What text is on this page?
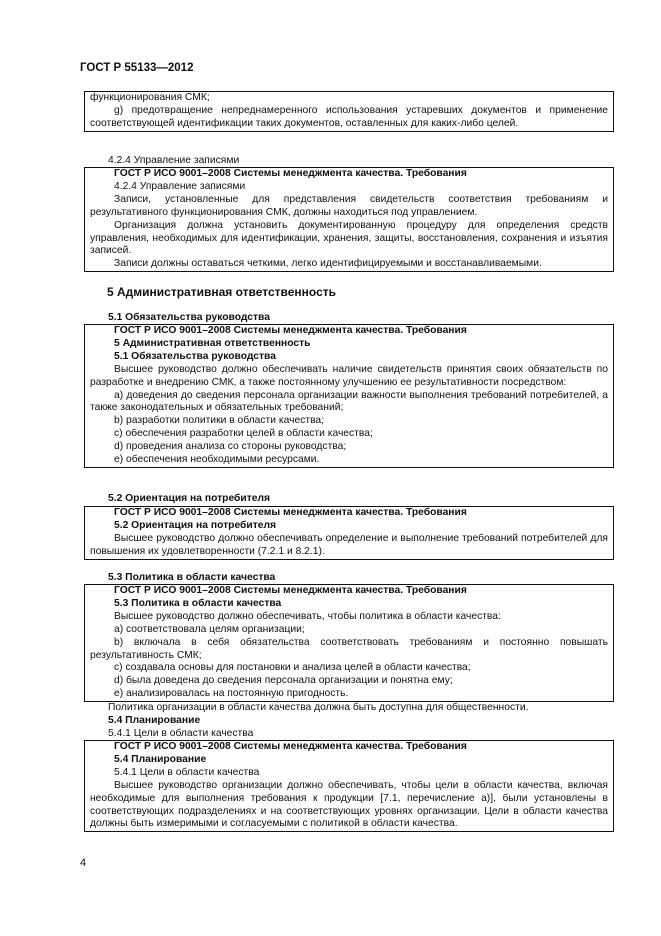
ГОСТ Р 55133—2012

функционирования СМК;

g) предотвращение непреднамеренного использования устаревших документов и применение соответствующей идентификации таких документов, оставленных для каких-либо целей.

4.2.4 Управление записями

ГОСТ Р ИСО 9001–2008 Системы менеджмента качества. Требования

4.2.4 Управление записями

Записи, установленные для представления свидетельств соответствия требованиям и результативного функционирования СМК, должны находиться под управлением.

Организация должна установить документированную процедуру для определения средств управления, необходимых для идентификации, хранения, защиты, восстановления, сохранения и изъятия записей.

Записи должны оставаться четкими, легко идентифицируемыми и восстанавливаемыми.

5 Административная ответственность
5.1 Обязательства руководства

ГОСТ Р ИСО 9001–2008 Системы менеджмента качества. Требования

5 Административная ответственность

5.1 Обязательства руководства

Высшее руководство должно обеспечивать наличие свидетельств принятия своих обязательств по разработке и внедрению СМК, а также постоянному улучшению ее результативности посредством:

a) доведения до сведения персонала организации важности выполнения требований потребителей, а также законодательных и обязательных требований;

b) разработки политики в области качества;

c) обеспечения разработки целей в области качества;

d) проведения анализа со стороны руководства;

e) обеспечения необходимыми ресурсами.

5.2 Ориентация на потребителя

ГОСТ Р ИСО 9001–2008 Системы менеджмента качества. Требования

5.2 Ориентация на потребителя

Высшее руководство должно обеспечивать определение и выполнение требований потребителей для повышения их удовлетворенности (7.2.1 и 8.2.1).

5.3 Политика в области качества

ГОСТ Р ИСО 9001–2008 Системы менеджмента качества. Требования

5.3 Политика в области качества

Высшее руководство должно обеспечивать, чтобы политика в области качества:

a) соответствовала целям организации;

b) включала в себя обязательства соответствовать требованиям и постоянно повышать результативность СМК;

c) создавала основы для постановки и анализа целей в области качества;

d) была доведена до сведения персонала организации и понятна ему;

e) анализировалась на постоянную пригодность.

Политика организации в области качества должна быть доступна для общественности.
5.4 Планирование
5.4.1 Цели в области качества

ГОСТ Р ИСО 9001–2008 Системы менеджмента качества. Требования

5.4 Планирование

5.4.1 Цели в области качества

Высшее руководство организации должно обеспечивать, чтобы цели в области качества, включая необходимые для выполнения требования к продукции [7.1, перечисление a)], были установлены в соответствующих подразделениях и на соответствующих уровнях организации. Цели в области качества должны быть измеримыми и согласуемыми с политикой в области качества.

4
